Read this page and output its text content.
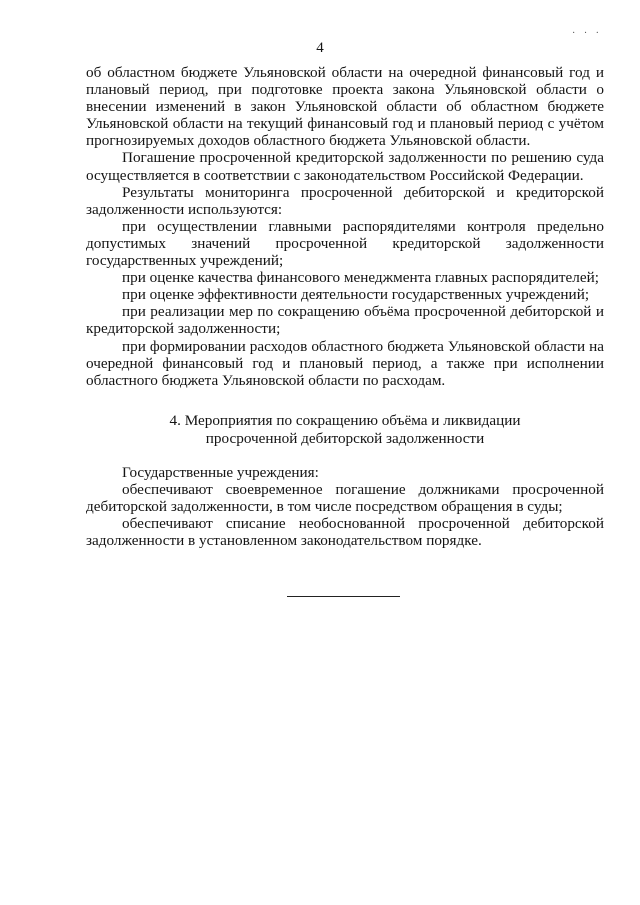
4
· · ·

об областном бюджете Ульяновской области на очередной финансовый год и плановый период, при подготовке проекта закона Ульяновской области о внесении изменений в закон Ульяновской области об областном бюджете Ульяновской области на текущий финансовый год и плановый период с учётом прогнозируемых доходов областного бюджета Ульяновской области.

Погашение просроченной кредиторской задолженности по решению суда осуществляется в соответствии с законодательством Российской Федерации.

Результаты мониторинга просроченной дебиторской и кредиторской задолженности используются:

при осуществлении главными распорядителями контроля предельно допустимых значений просроченной кредиторской задолженности государственных учреждений;

при оценке качества финансового менеджмента главных распорядителей;

при оценке эффективности деятельности государственных учреждений;

при реализации мер по сокращению объёма просроченной дебиторской и кредиторской задолженности;

при формировании расходов областного бюджета Ульяновской области на очередной финансовый год и плановый период, а также при исполнении областного бюджета Ульяновской области по расходам.

4. Мероприятия по сокращению объёма и ликвидации
просроченной дебиторской задолженности

Государственные учреждения:

обеспечивают своевременное погашение должниками просроченной дебиторской задолженности, в том числе посредством обращения в суды;

обеспечивают списание необоснованной просроченной дебиторской задолженности в установленном законодательством порядке.
